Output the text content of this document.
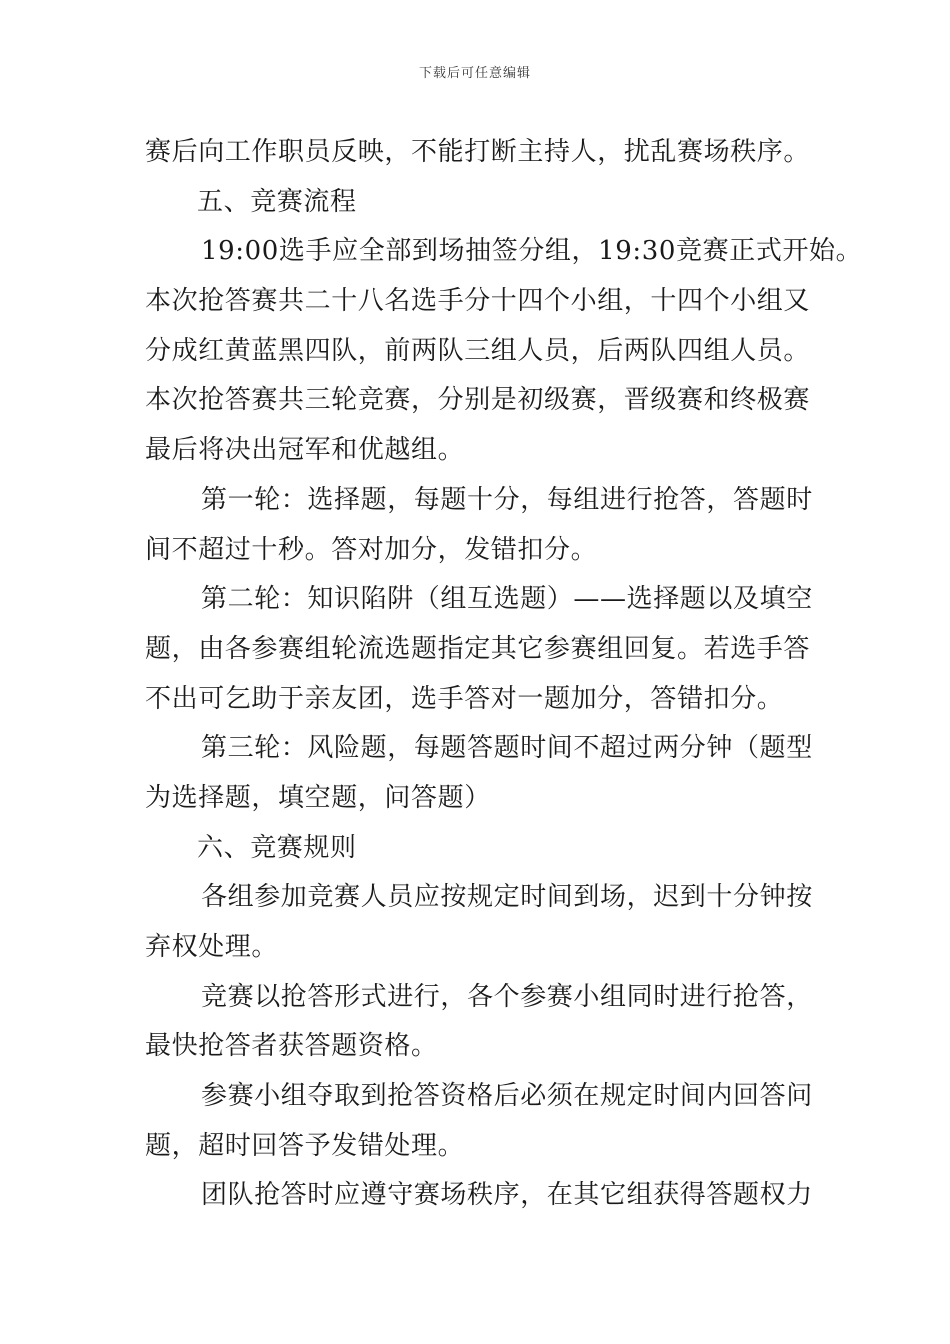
下载后可任意编辑
赛后向工作职员反映，不能打断主持人，扰乱赛场秩序。
五、竞赛流程
19:00选手应全部到场抽签分组，19:30竞赛正式开始。
本次抢答赛共二十八名选手分十四个小组，十四个小组又
分成红黄蓝黑四队，前两队三组人员，后两队四组人员。
本次抢答赛共三轮竞赛，分别是初级赛，晋级赛和终极赛
最后将决出冠军和优越组。
第一轮：选择题，每题十分，每组进行抢答，答题时
间不超过十秒。答对加分，发错扣分。
第二轮：知识陷阱（组互选题）——选择题以及填空
题，由各参赛组轮流选题指定其它参赛组回复。若选手答
不出可乞助于亲友团，选手答对一题加分，答错扣分。
第三轮：风险题，每题答题时间不超过两分钟（题型
为选择题，填空题，问答题）
六、竞赛规则
各组参加竞赛人员应按规定时间到场，迟到十分钟按
弃权处理。
竞赛以抢答形式进行，各个参赛小组同时进行抢答，
最快抢答者获答题资格。
参赛小组夺取到抢答资格后必须在规定时间内回答问
题，超时回答予发错处理。
团队抢答时应遵守赛场秩序，在其它组获得答题权力
